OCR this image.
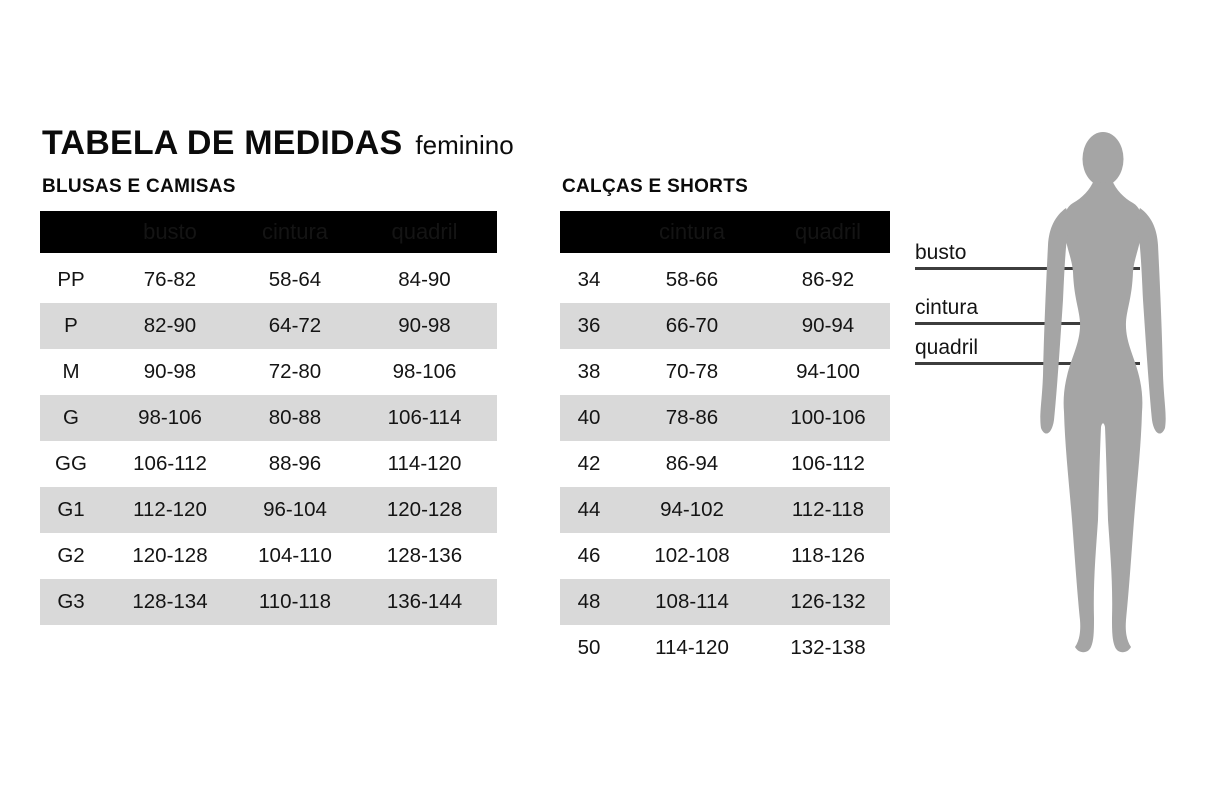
TABELA DE MEDIDAS feminino
BLUSAS E CAMISAS	CALÇAS E SHORTS
busto	cintura	quadril
PP	76-82	58-64	84-90
P	82-90	64-72	90-98
M	90-98	72-80	98-106
G	98-106	80-88	106-114
GG	106-112	88-96	114-120
G1	112-120	96-104	120-128
G2	120-128	104-110	128-136
G3	128-134	110-118	136-144
cintura	quadril
34	58-66	86-92
36	66-70	90-94
38	70-78	94-100
40	78-86	100-106
42	86-94	106-112
44	94-102	112-118
46	102-108	118-126
48	108-114	126-132
50	114-120	132-138
busto
cintura
quadril
